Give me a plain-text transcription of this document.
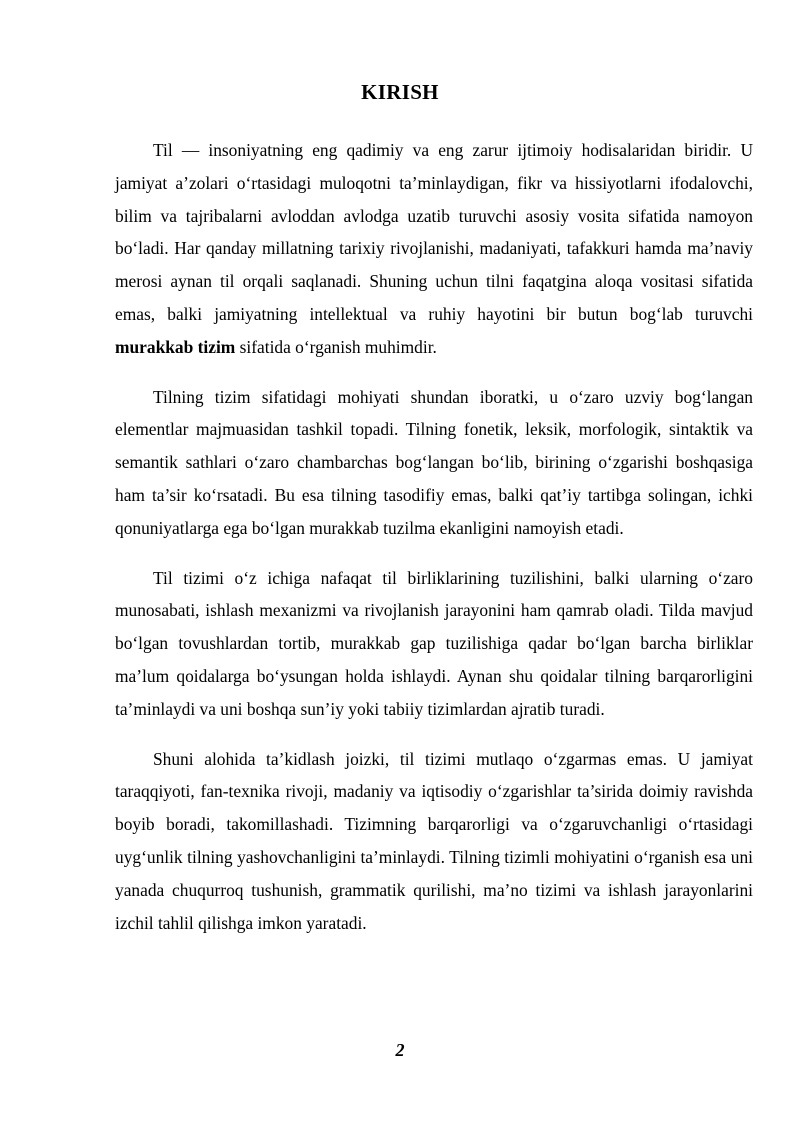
KIRISH

Til — insoniyatning eng qadimiy va eng zarur ijtimoiy hodisalaridan biridir. U jamiyat a’zolari o‘rtasidagi muloqotni ta’minlaydigan, fikr va hissiyotlarni ifodalovchi, bilim va tajribalarni avloddan avlodga uzatib turuvchi asosiy vosita sifatida namoyon bo‘ladi. Har qanday millatning tarixiy rivojlanishi, madaniyati, tafakkuri hamda ma’naviy merosi aynan til orqali saqlanadi. Shuning uchun tilni faqatgina aloqa vositasi sifatida emas, balki jamiyatning intellektual va ruhiy hayotini bir butun bog‘lab turuvchi murakkab tizim sifatida o‘rganish muhimdir.

Tilning tizim sifatidagi mohiyati shundan iboratki, u o‘zaro uzviy bog‘langan elementlar majmuasidan tashkil topadi. Tilning fonetik, leksik, morfologik, sintaktik va semantik sathlari o‘zaro chambarchas bog‘langan bo‘lib, birining o‘zgarishi boshqasiga ham ta’sir ko‘rsatadi. Bu esa tilning tasodifiy emas, balki qat’iy tartibga solingan, ichki qonuniyatlarga ega bo‘lgan murakkab tuzilma ekanligini namoyish etadi.

Til tizimi o‘z ichiga nafaqat til birliklarining tuzilishini, balki ularning o‘zaro munosabati, ishlash mexanizmi va rivojlanish jarayonini ham qamrab oladi. Tilda mavjud bo‘lgan tovushlardan tortib, murakkab gap tuzilishiga qadar bo‘lgan barcha birliklar ma’lum qoidalarga bo‘ysungan holda ishlaydi. Aynan shu qoidalar tilning barqarorligini ta’minlaydi va uni boshqa sun’iy yoki tabiiy tizimlardan ajratib turadi.

Shuni alohida ta’kidlash joizki, til tizimi mutlaqo o‘zgarmas emas. U jamiyat taraqqiyoti, fan-texnika rivoji, madaniy va iqtisodiy o‘zgarishlar ta’sirida doimiy ravishda boyib boradi, takomillashadi. Tizimning barqarorligi va o‘zgaruvchanligi o‘rtasidagi uyg‘unlik tilning yashovchanligini ta’minlaydi. Tilning tizimli mohiyatini o‘rganish esa uni yanada chuqurroq tushunish, grammatik qurilishi, ma’no tizimi va ishlash jarayonlarini izchil tahlil qilishga imkon yaratadi.

2
